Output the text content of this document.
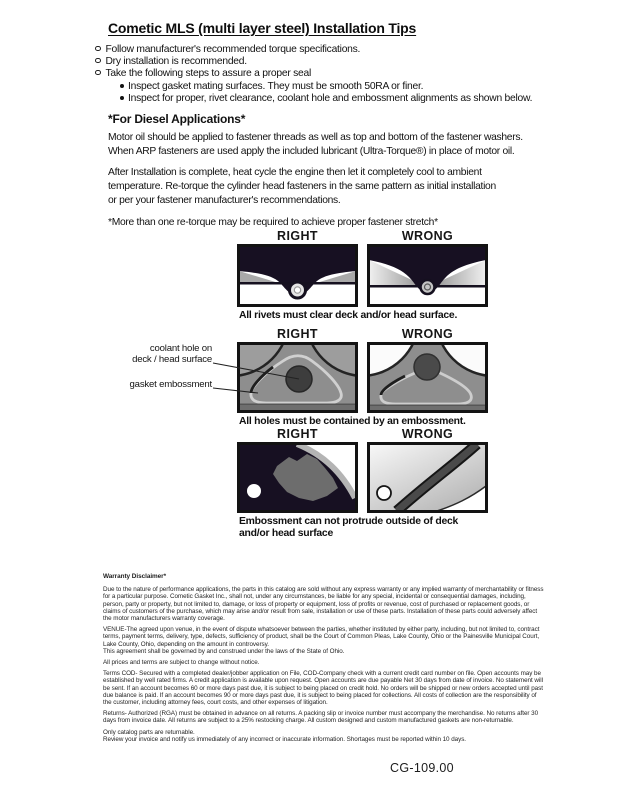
Cometic MLS (multi layer steel) Installation Tips
Follow manufacturer's recommended torque specifications.
Dry installation is recommended.
Take the following steps to assure a proper seal
Inspect gasket mating surfaces. They must be smooth 50RA or finer.
Inspect for proper, rivet clearance, coolant hole and embossment alignments as shown below.
*For Diesel Applications*
Motor oil should be applied to fastener threads as well as top and bottom of the fastener washers.
When ARP fasteners are used apply the included lubricant (Ultra-Torque®) in place of motor oil.
After Installation is complete, heat cycle the engine then let it completely cool to ambient
temperature. Re-torque the cylinder head fasteners in the same pattern as initial installation
or per your fastener manufacturer's recommendations.
*More than one re-torque may be required to achieve proper fastener stretch*
RIGHT	WRONG
All rivets must clear deck and/or head surface.
RIGHT	WRONG
All holes must be contained by an embossment.
coolant hole on
deck / head surface
gasket embossment
RIGHT	WRONG
Embossment can not protrude outside of deck
and/or head surface
Warranty Disclaimer*

Due to the nature of performance applications, the parts in this catalog are sold without any express warranty or any implied warranty of merchantability or fitness for a particular purpose. Cometic Gasket Inc., shall not, under any circumstances, be liable for any special, incidental or consequential damages, including, person, party or property, but not limited to, damage, or loss of property or equipment, loss of profits or revenue, cost of purchased or replacement goods, or claims of customers of the purchase, which may arise and/or result from sale, installation or use of these parts. Installation of these parts could adversely affect the motor manufacturers warranty coverage.

VENUE-The agreed upon venue, in the event of dispute whatsoever between the parties, whether instituted by either party, including, but not limited to, contract terms, payment terms, delivery, type, defects, sufficiency of product, shall be the Court of Common Pleas, Lake County, Ohio or the Painesville Municipal Court, Lake County, Ohio, depending on the amount in controversy.

This agreement shall be governed by and construed under the laws of the State of Ohio.

All prices and terms are subject to change without notice.

Terms COD- Secured with a completed dealer/jobber application on File, COD-Company check with a current credit card number on file. Open accounts may be established by well rated firms. A credit application is available upon request. Open accounts are due payable Net 30 days from date of invoice. No statement will be sent. If an account becomes 60 or more days past due, it is subject to being placed on credit hold. No orders will be shipped or new orders accepted until past due balance is paid. If an account becomes 90 or more days past due, it is subject to being placed for collections. All costs of collection are the responsibility of the customer, including attorney fees, court costs, and other expenses of litigation.

Returns- Authorized (RGA) must be obtained in advance on all returns. A packing slip or invoice number must accompany the merchandise. No returns after 30 days from invoice date. All returns are subject to a 25% restocking charge. All custom designed and custom manufactured gaskets are non-returnable.

Only catalog parts are returnable.

Review your invoice and notify us immediately of any incorrect or inaccurate information. Shortages must be reported within 10 days.

CG-109.00
